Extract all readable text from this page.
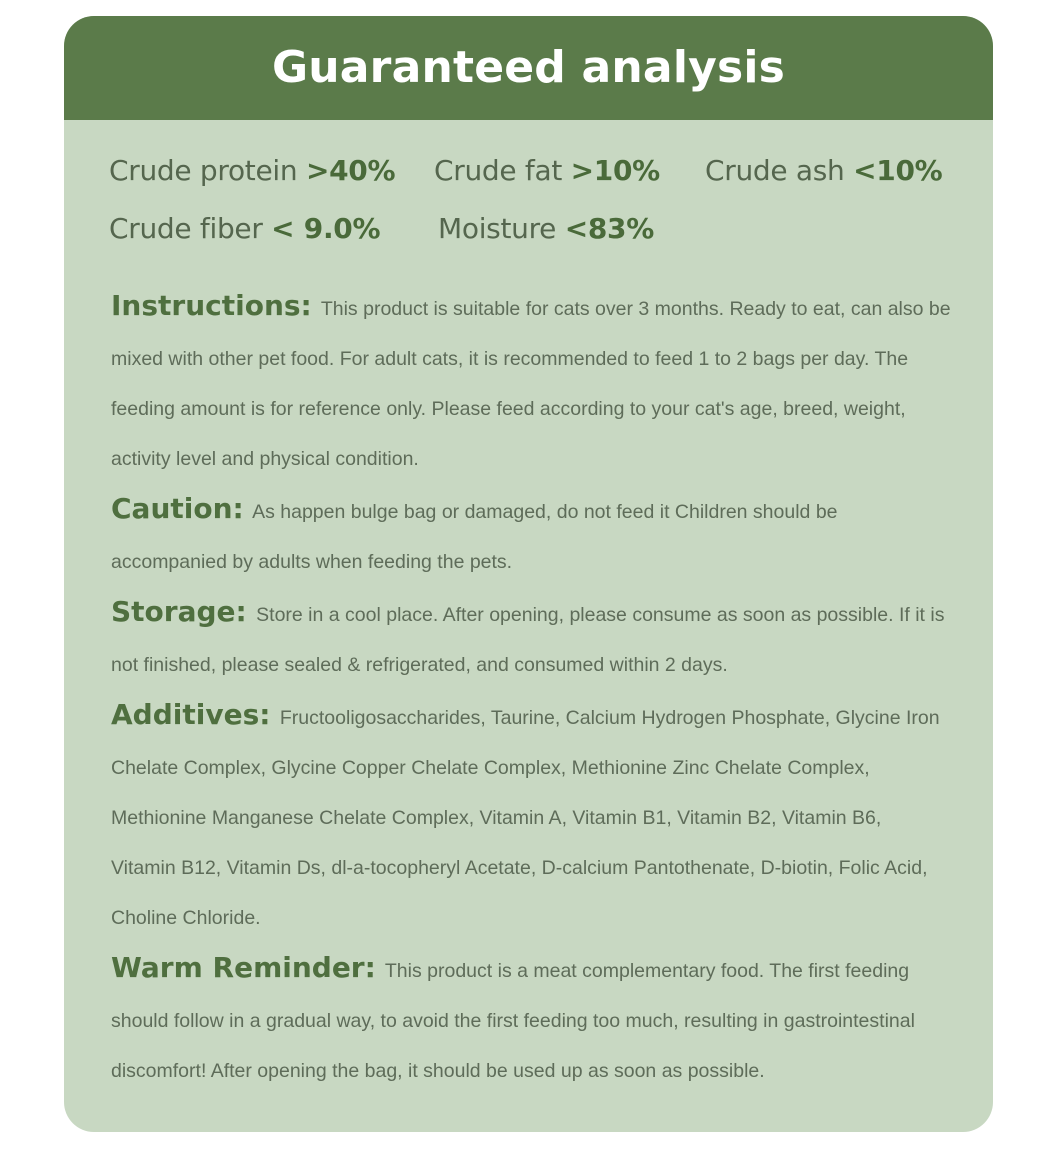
Guaranteed analysis
Crude protein >40% Crude fat >10% Crude ash <10%
Crude fiber < 9.0% Moisture <83%

Instructions: This product is suitable for cats over 3 months. Ready to eat, can also be mixed with other pet food. For adult cats, it is recommended to feed 1 to 2 bags per day. The feeding amount is for reference only. Please feed according to your cat's age, breed, weight, activity level and physical condition.

Caution: As happen bulge bag or damaged, do not feed it Children should be accompanied by adults when feeding the pets.

Storage: Store in a cool place. After opening, please consume as soon as possible. If it is not finished, please sealed & refrigerated, and consumed within 2 days.

Additives: Fructooligosaccharides, Taurine, Calcium Hydrogen Phosphate, Glycine Iron Chelate Complex, Glycine Copper Chelate Complex, Methionine Zinc Chelate Complex, Methionine Manganese Chelate Complex, Vitamin A, Vitamin B1, Vitamin B2, Vitamin B6, Vitamin B12, Vitamin Ds, dl-a-tocopheryl Acetate, D-calcium Pantothenate, D-biotin, Folic Acid, Choline Chloride.

Warm Reminder: This product is a meat complementary food. The first feeding should follow in a gradual way, to avoid the first feeding too much, resulting in gastrointestinal discomfort! After opening the bag, it should be used up as soon as possible.
